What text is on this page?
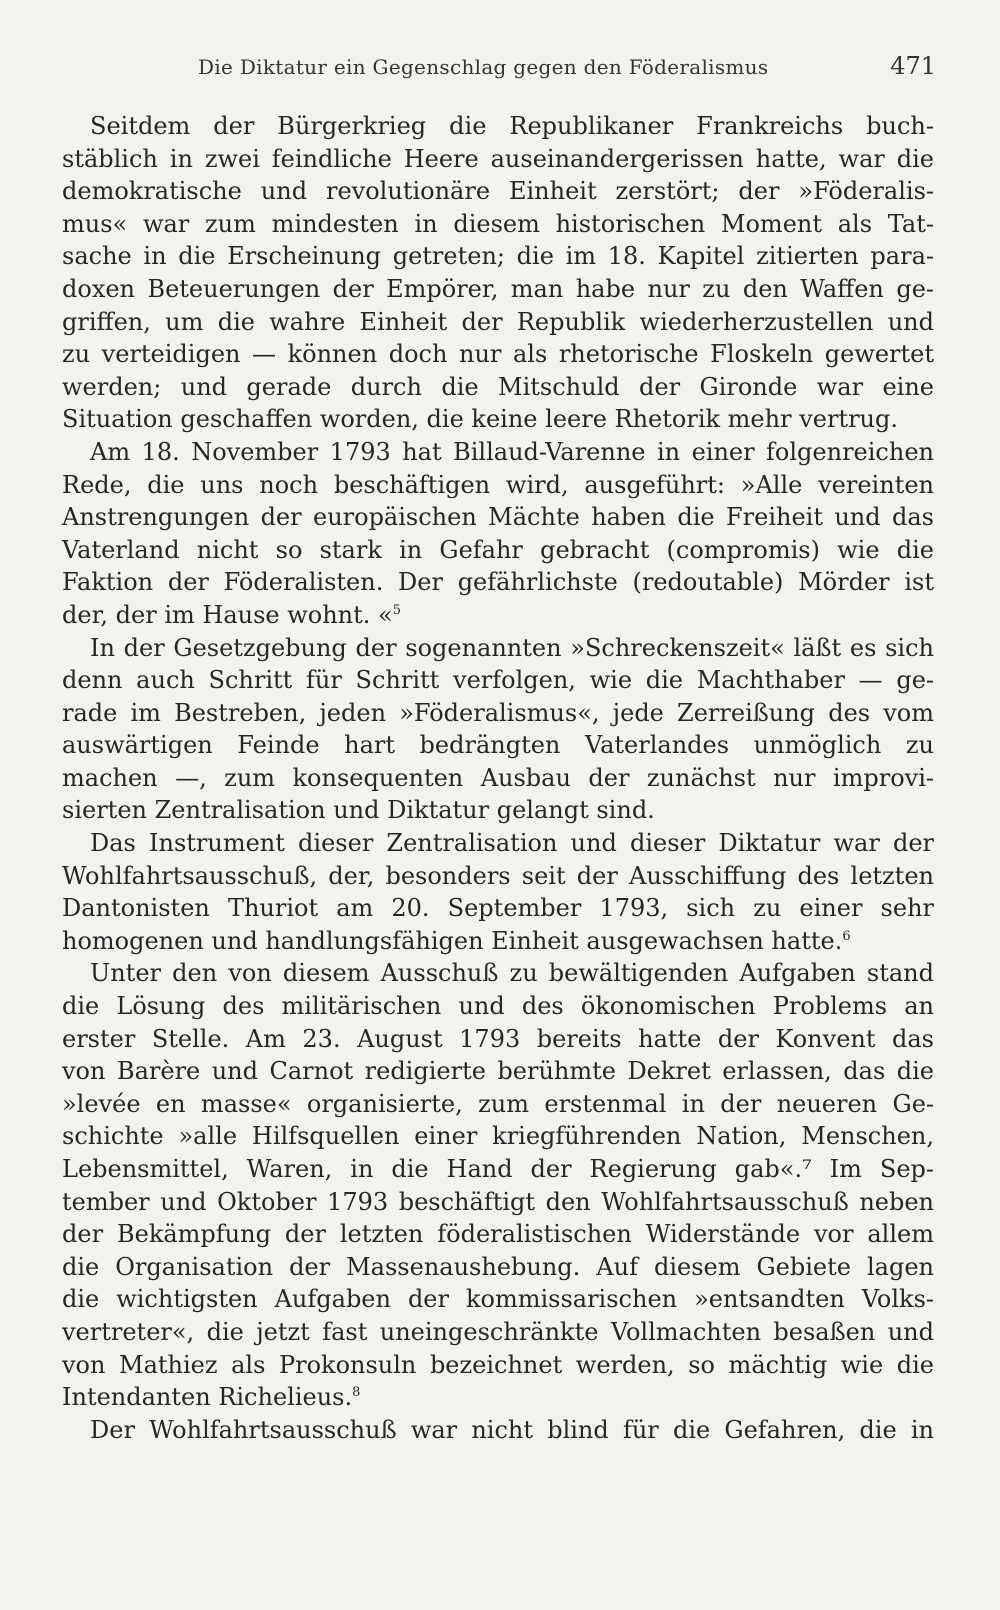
Die Diktatur ein Gegenschlag gegen den Föderalismus	471
Seitdem der Bürgerkrieg die Republikaner Frankreichs buch-
stäblich in zwei feindliche Heere auseinandergerissen hatte, war die
demokratische und revolutionäre Einheit zerstört; der »Föderalis-
mus« war zum mindesten in diesem historischen Moment als Tat-
sache in die Erscheinung getreten; die im 18. Kapitel zitierten para-
doxen Beteuerungen der Empörer, man habe nur zu den Waffen ge-
griffen, um die wahre Einheit der Republik wiederherzustellen und
zu verteidigen — können doch nur als rhetorische Floskeln gewertet
werden; und gerade durch die Mitschuld der Gironde war eine
Situation geschaffen worden, die keine leere Rhetorik mehr vertrug.
Am 18. November 1793 hat Billaud-Varenne in einer folgenreichen
Rede, die uns noch beschäftigen wird, ausgeführt: »Alle vereinten
Anstrengungen der europäischen Mächte haben die Freiheit und das
Vaterland nicht so stark in Gefahr gebracht (compromis) wie die
Faktion der Föderalisten. Der gefährlichste (redoutable) Mörder ist
der, der im Hause wohnt. «$^5$
In der Gesetzgebung der sogenannten »Schreckenszeit« läßt es sich
denn auch Schritt für Schritt verfolgen, wie die Machthaber — ge-
rade im Bestreben, jeden »Föderalismus«, jede Zerreißung des vom
auswärtigen Feinde hart bedrängten Vaterlandes unmöglich zu
machen —, zum konsequenten Ausbau der zunächst nur improvi-
sierten Zentralisation und Diktatur gelangt sind.
Das Instrument dieser Zentralisation und dieser Diktatur war der
Wohlfahrtsausschuß, der, besonders seit der Ausschiffung des letzten
Dantonisten Thuriot am 20. September 1793, sich zu einer sehr
homogenen und handlungsfähigen Einheit ausgewachsen hatte.$^6$
Unter den von diesem Ausschuß zu bewältigenden Aufgaben stand
die Lösung des militärischen und des ökonomischen Problems an
erster Stelle. Am 23. August 1793 bereits hatte der Konvent das
von Barère und Carnot redigierte berühmte Dekret erlassen, das die
»levée en masse« organisierte, zum erstenmal in der neueren Ge-
schichte »alle Hilfsquellen einer kriegführenden Nation, Menschen,
Lebensmittel, Waren, in die Hand der Regierung gab«.⁷ Im Sep-
tember und Oktober 1793 beschäftigt den Wohlfahrtsausschuß neben
der Bekämpfung der letzten föderalistischen Widerstände vor allem
die Organisation der Massenaushebung. Auf diesem Gebiete lagen
die wichtigsten Aufgaben der kommissarischen »entsandten Volks-
vertreter«, die jetzt fast uneingeschränkte Vollmachten besaßen und
von Mathiez als Prokonsuln bezeichnet werden, so mächtig wie die
Intendanten Richelieus.$^8$
Der Wohlfahrtsausschuß war nicht blind für die Gefahren, die in
